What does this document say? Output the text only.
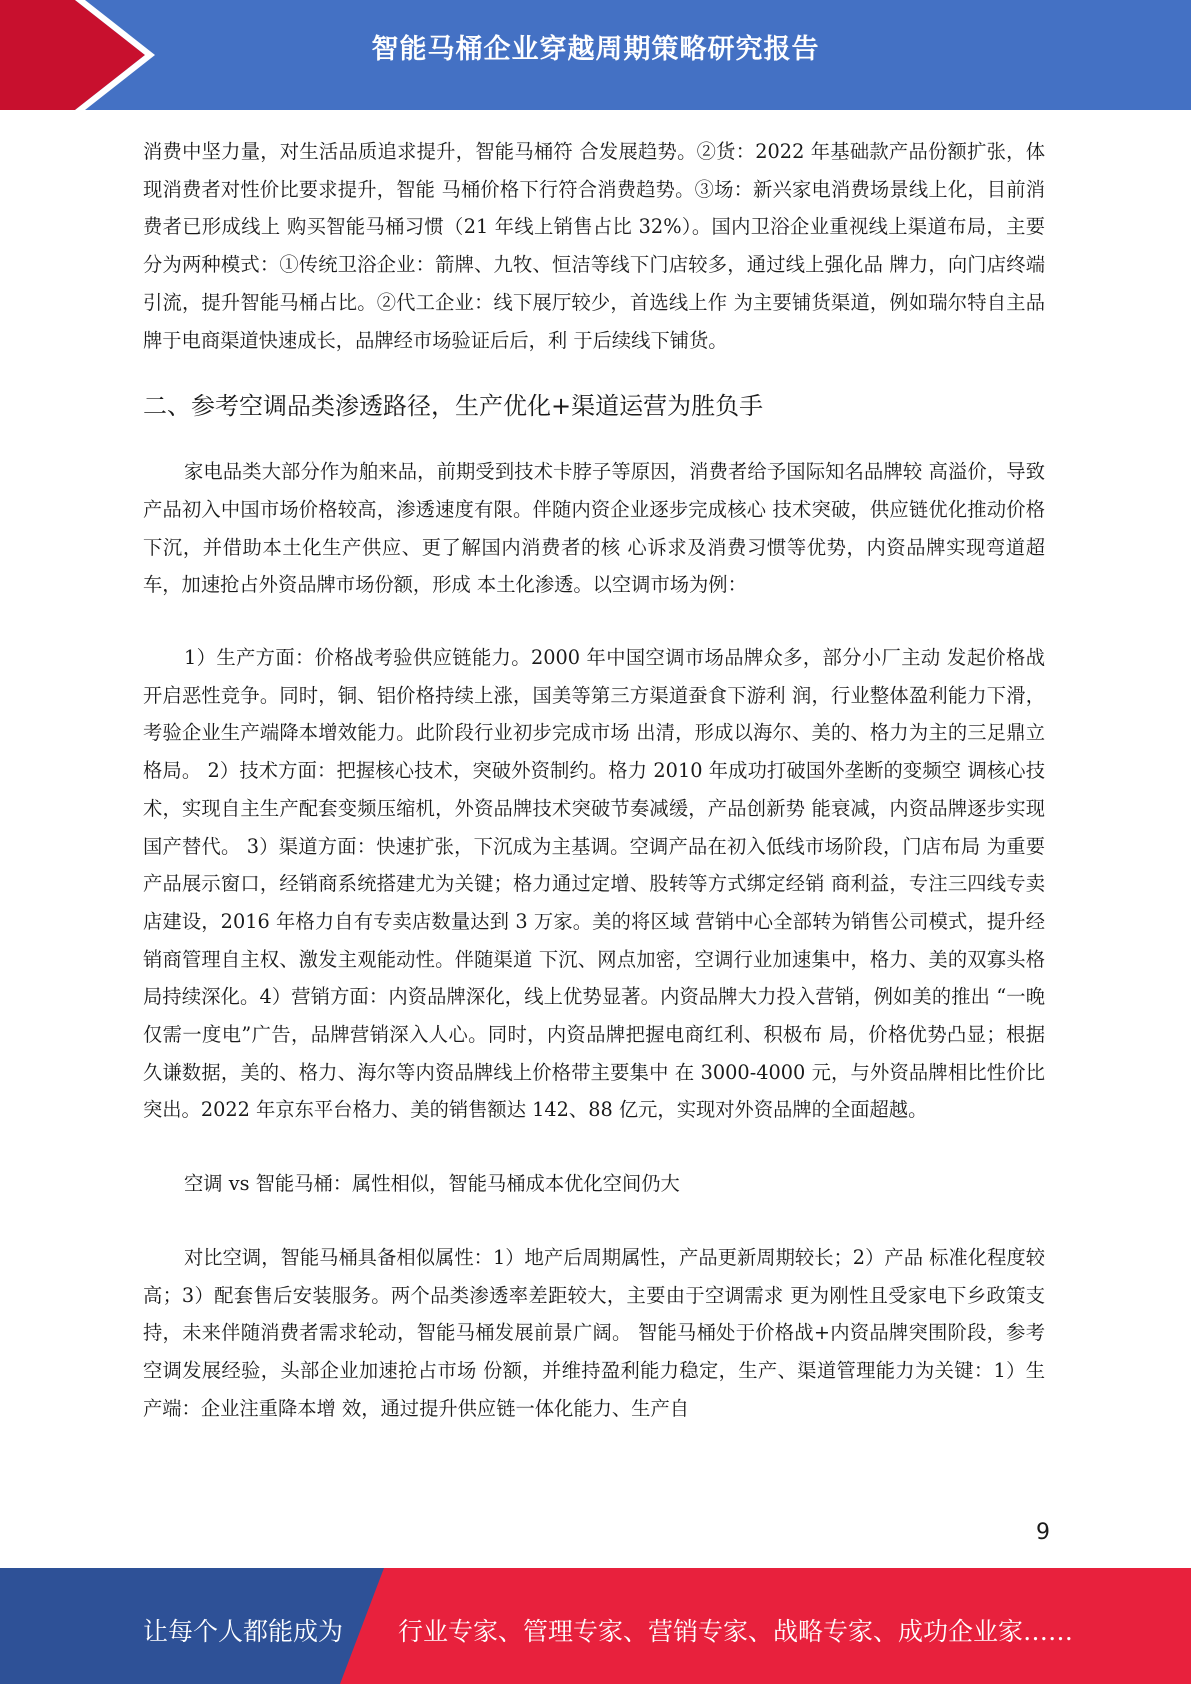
智能马桶企业穿越周期策略研究报告

消费中坚力量，对生活品质追求提升，智能马桶符 合发展趋势。②货：2022 年基础款产品份额扩张，体现消费者对性价比要求提升，智能 马桶价格下行符合消费趋势。③场：新兴家电消费场景线上化，目前消费者已形成线上 购买智能马桶习惯（21 年线上销售占比 32%）。国内卫浴企业重视线上渠道布局，主要 分为两种模式：①传统卫浴企业：箭牌、九牧、恒洁等线下门店较多，通过线上强化品 牌力，向门店终端引流，提升智能马桶占比。②代工企业：线下展厅较少，首选线上作 为主要铺货渠道，例如瑞尔特自主品牌于电商渠道快速成长，品牌经市场验证后后，利 于后续线下铺货。

二、参考空调品类渗透路径，生产优化+渠道运营为胜负手

家电品类大部分作为舶来品，前期受到技术卡脖子等原因，消费者给予国际知名品牌较 高溢价，导致产品初入中国市场价格较高，渗透速度有限。伴随内资企业逐步完成核心 技术突破，供应链优化推动价格下沉，并借助本土化生产供应、更了解国内消费者的核 心诉求及消费习惯等优势，内资品牌实现弯道超车，加速抢占外资品牌市场份额，形成 本土化渗透。以空调市场为例：

1）生产方面：价格战考验供应链能力。2000 年中国空调市场品牌众多，部分小厂主动 发起价格战开启恶性竞争。同时，铜、铝价格持续上涨，国美等第三方渠道蚕食下游利 润，行业整体盈利能力下滑，考验企业生产端降本增效能力。此阶段行业初步完成市场 出清，形成以海尔、美的、格力为主的三足鼎立格局。 2）技术方面：把握核心技术，突破外资制约。格力 2010 年成功打破国外垄断的变频空 调核心技术，实现自主生产配套变频压缩机，外资品牌技术突破节奏减缓，产品创新势 能衰减，内资品牌逐步实现国产替代。 3）渠道方面：快速扩张，下沉成为主基调。空调产品在初入低线市场阶段，门店布局 为重要产品展示窗口，经销商系统搭建尤为关键；格力通过定增、股转等方式绑定经销 商利益，专注三四线专卖店建设，2016 年格力自有专卖店数量达到 3 万家。美的将区域 营销中心全部转为销售公司模式，提升经销商管理自主权、激发主观能动性。伴随渠道 下沉、网点加密，空调行业加速集中，格力、美的双寡头格局持续深化。4）营销方面：内资品牌深化，线上优势显著。内资品牌大力投入营销，例如美的推出 “一晚仅需一度电”广告，品牌营销深入人心。同时，内资品牌把握电商红利、积极布 局，价格优势凸显；根据久谦数据，美的、格力、海尔等内资品牌线上价格带主要集中 在 3000-4000 元，与外资品牌相比性价比突出。2022 年京东平台格力、美的销售额达 142、88 亿元，实现对外资品牌的全面超越。

空调 vs 智能马桶：属性相似，智能马桶成本优化空间仍大

对比空调，智能马桶具备相似属性：1）地产后周期属性，产品更新周期较长；2）产品 标准化程度较高；3）配套售后安装服务。两个品类渗透率差距较大，主要由于空调需求 更为刚性且受家电下乡政策支持，未来伴随消费者需求轮动，智能马桶发展前景广阔。 智能马桶处于价格战+内资品牌突围阶段，参考空调发展经验，头部企业加速抢占市场 份额，并维持盈利能力稳定，生产、渠道管理能力为关键：1）生产端：企业注重降本增 效，通过提升供应链一体化能力、生产自

9
让每个人都能成为 行业专家、管理专家、营销专家、战略专家、成功企业家……
